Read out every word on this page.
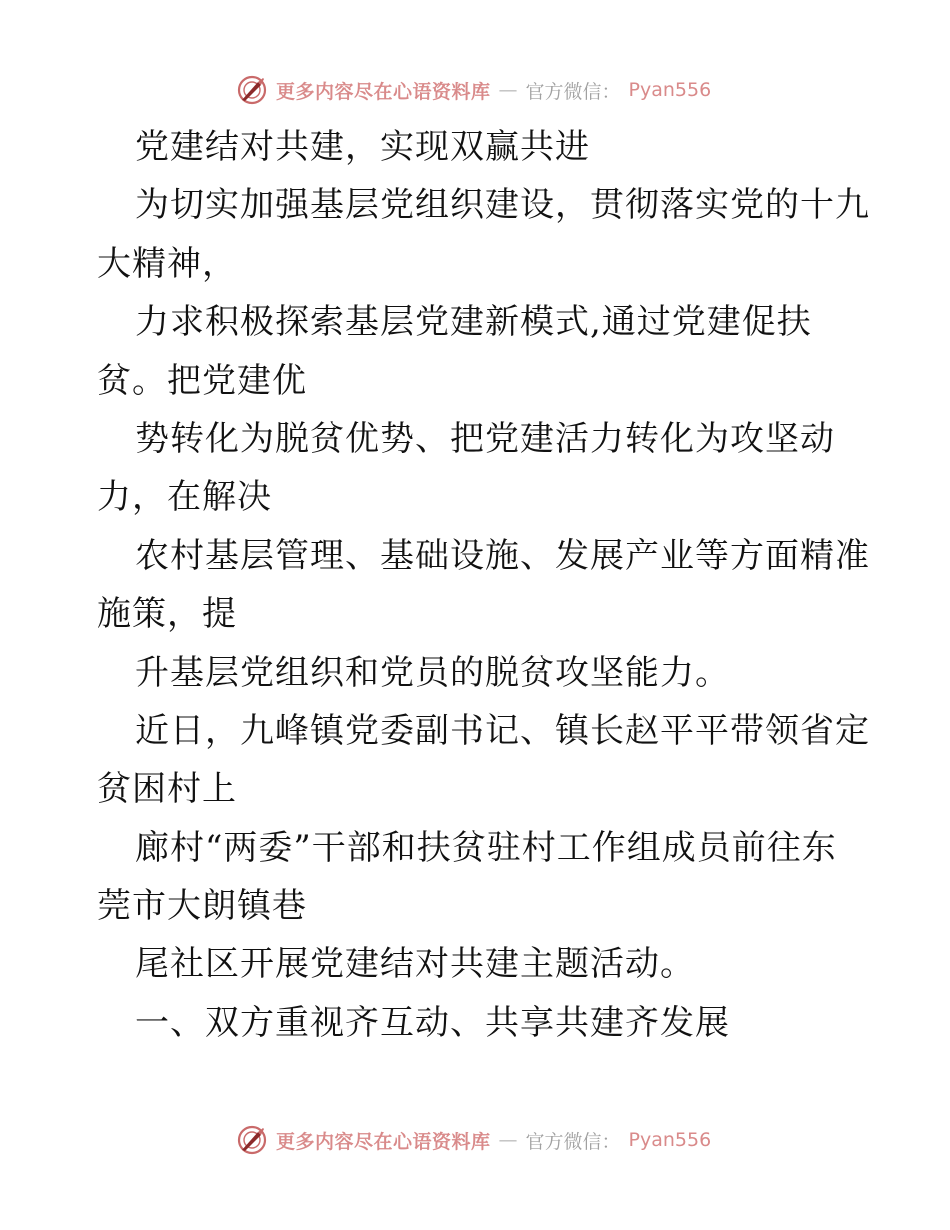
更多内容尽在心语资料库 — 官方微信： Pyan556
党建结对共建，实现双赢共进
为切实加强基层党组织建设，贯彻落实党的十九
大精神，
力求积极探索基层党建新模式,通过党建促扶
贫。把党建优
势转化为脱贫优势、把党建活力转化为攻坚动
力，在解决
农村基层管理、基础设施、发展产业等方面精准
施策，提
升基层党组织和党员的脱贫攻坚能力。
近日，九峰镇党委副书记、镇长赵平平带领省定
贫困村上
廊村“两委”干部和扶贫驻村工作组成员前往东
莞市大朗镇巷
尾社区开展党建结对共建主题活动。
一、双方重视齐互动、共享共建齐发展
更多内容尽在心语资料库 — 官方微信： Pyan556
